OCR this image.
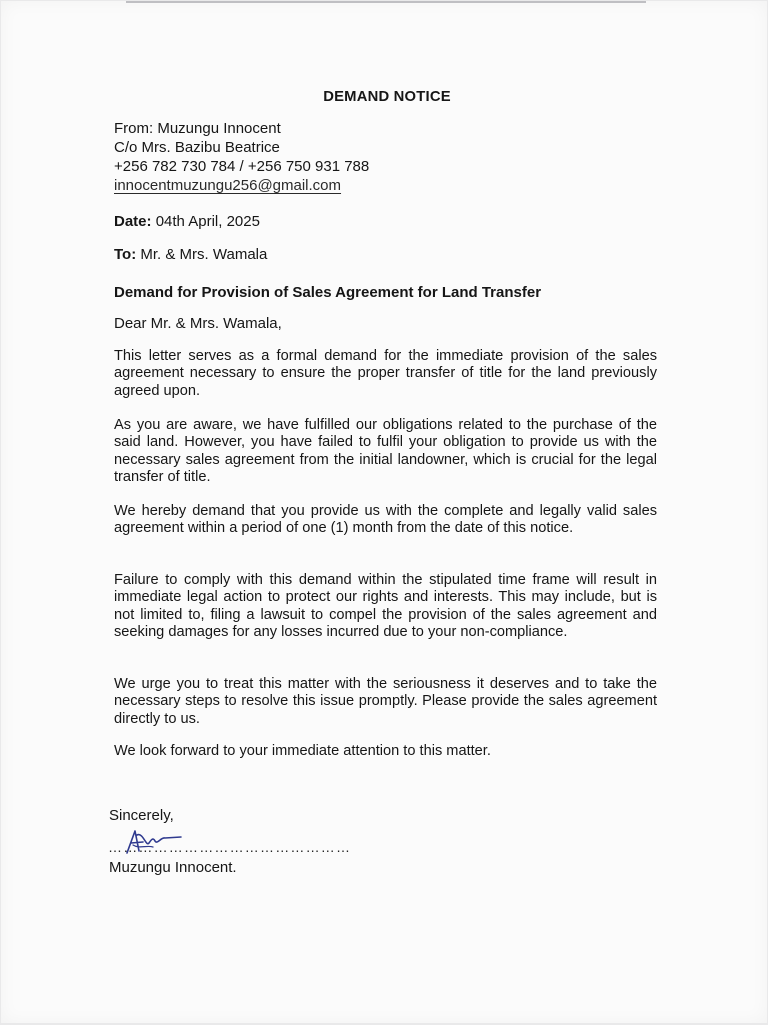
DEMAND NOTICE
From: Muzungu Innocent
C/o Mrs. Bazibu Beatrice
+256 782 730 784 / +256 750 931 788
innocentmuzungu256@gmail.com
Date: 04th April, 2025
To: Mr. & Mrs. Wamala
Demand for Provision of Sales Agreement for Land Transfer
Dear Mr. & Mrs. Wamala,

This letter serves as a formal demand for the immediate provision of the sales agreement necessary to ensure the proper transfer of title for the land previously agreed upon.

As you are aware, we have fulfilled our obligations related to the purchase of the said land. However, you have failed to fulfil your obligation to provide us with the necessary sales agreement from the initial landowner, which is crucial for the legal transfer of title.

We hereby demand that you provide us with the complete and legally valid sales agreement within a period of one (1) month from the date of this notice.

Failure to comply with this demand within the stipulated time frame will result in immediate legal action to protect our rights and interests. This may include, but is not limited to, filing a lawsuit to compel the provision of the sales agreement and seeking damages for any losses incurred due to your non-compliance.

We urge you to treat this matter with the seriousness it deserves and to take the necessary steps to resolve this issue promptly. Please provide the sales agreement directly to us.

We look forward to your immediate attention to this matter.

Sincerely,
…………………………………………
Muzungu Innocent.
